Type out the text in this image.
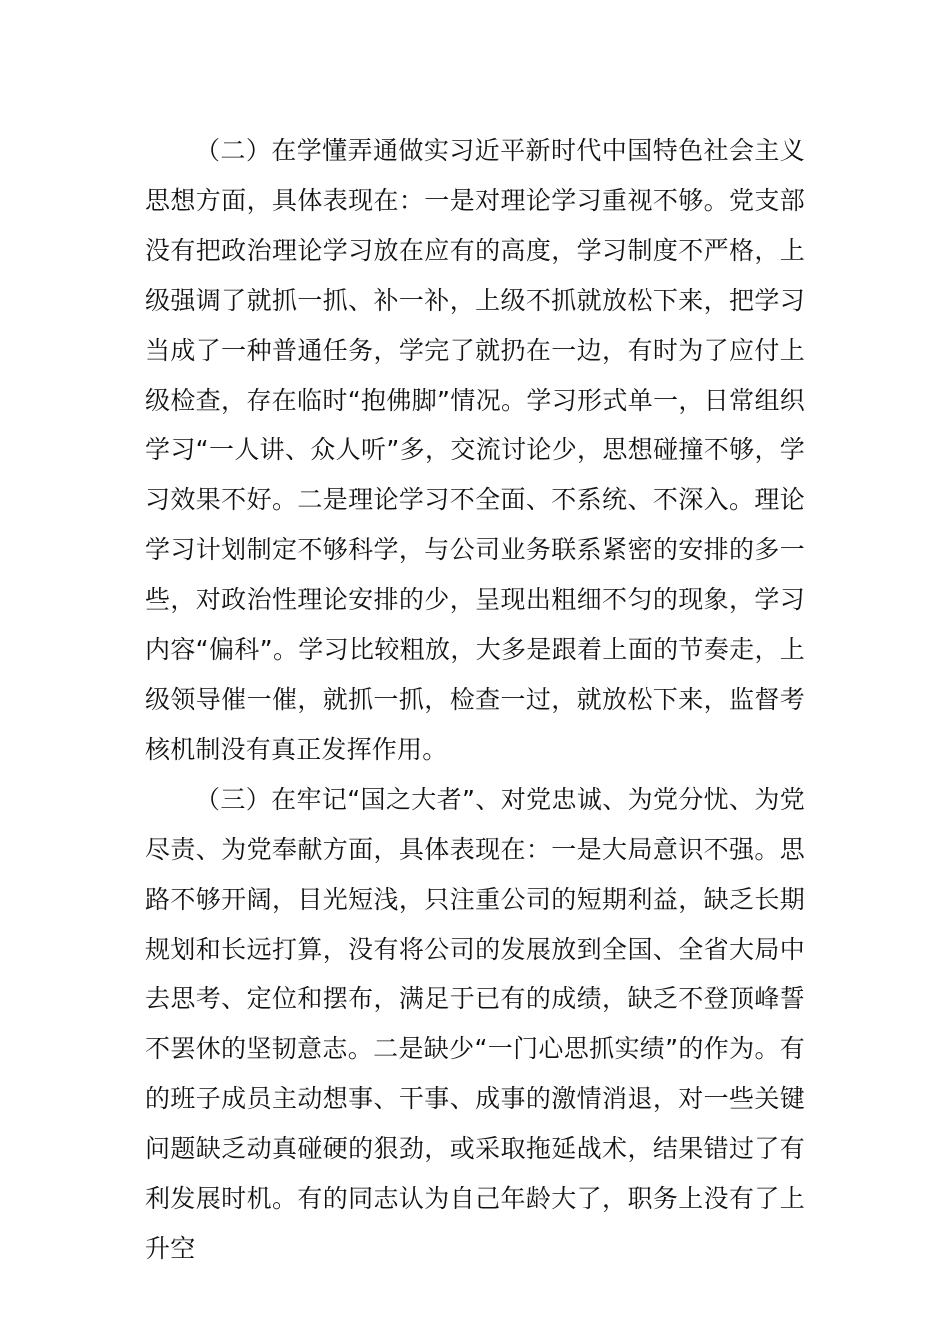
（二）在学懂弄通做实习近平新时代中国特色社会主义思想方面，具体表现在：一是对理论学习重视不够。党支部没有把政治理论学习放在应有的高度，学习制度不严格，上级强调了就抓一抓、补一补，上级不抓就放松下来，把学习当成了一种普通任务，学完了就扔在一边，有时为了应付上级检查，存在临时“抱佛脚”情况。学习形式单一，日常组织学习“一人讲、众人听”多，交流讨论少，思想碰撞不够，学习效果不好。二是理论学习不全面、不系统、不深入。理论学习计划制定不够科学，与公司业务联系紧密的安排的多一些，对政治性理论安排的少，呈现出粗细不匀的现象，学习内容“偏科”。学习比较粗放，大多是跟着上面的节奏走，上级领导催一催，就抓一抓，检查一过，就放松下来，监督考核机制没有真正发挥作用。

（三）在牢记“国之大者”、对党忠诚、为党分忧、为党尽责、为党奉献方面，具体表现在：一是大局意识不强。思路不够开阔，目光短浅，只注重公司的短期利益，缺乏长期规划和长远打算，没有将公司的发展放到全国、全省大局中去思考、定位和摆布，满足于已有的成绩，缺乏不登顶峰誓不罢休的坚韧意志。二是缺少“一门心思抓实绩”的作为。有的班子成员主动想事、干事、成事的激情消退，对一些关键问题缺乏动真碰硬的狠劲，或采取拖延战术，结果错过了有利发展时机。有的同志认为自己年龄大了，职务上没有了上升空
